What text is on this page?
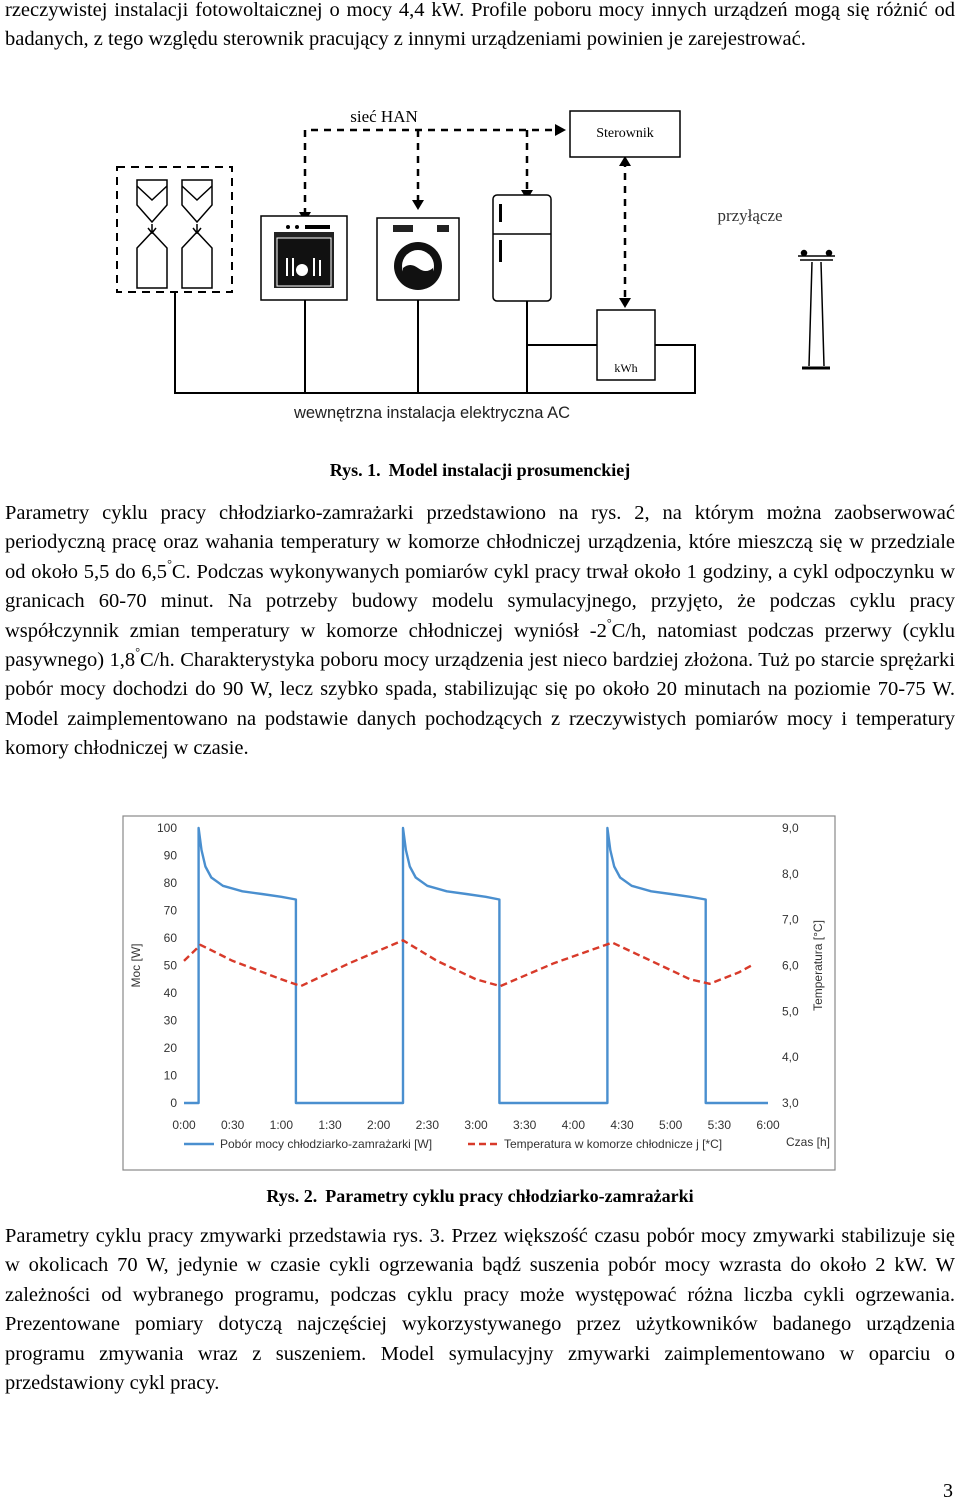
rzeczywistej instalacji fotowoltaicznej o mocy 4,4 kW. Profile poboru mocy innych urządzeń mogą się różnić od badanych, z tego względu sterownik pracujący z innymi urządzeniami powinien je zarejestrować.

Sterownik
sieć HAN
kWh
przyłącze
wewnętrzna instalacja elektryczna AC
Rys. 1. Model instalacji prosumenckiej

Parametry cyklu pracy chłodziarko-zamrażarki przedstawiono na rys. 2, na którym można zaobserwować periodyczną pracę oraz wahania temperatury w komorze chłodniczej urządzenia, które mieszczą się w przedziale od około 5,5 do 6,5°C. Podczas wykonywanych pomiarów cykl pracy trwał około 1 godziny, a cykl odpoczynku w granicach 60-70 minut. Na potrzeby budowy modelu symulacyjnego, przyjęto, że podczas cyklu pracy współczynnik zmian temperatury w komorze chłodniczej wyniósł -2°C/h, natomiast podczas przerwy (cyklu pasywnego) 1,8°C/h. Charakterystyka poboru mocy urządzenia jest nieco bardziej złożona. Tuż po starcie sprężarki pobór mocy dochodzi do 90 W, lecz szybko spada, stabilizując się po około 20 minutach na poziomie 70-75 W. Model zaimplementowano na podstawie danych pochodzących z rzeczywistych pomiarów mocy i temperatury komory chłodniczej w czasie.

0
10
20
30
40
50
60
70
80
90
100
3,0
4,0
5,0
6,0
7,0
8,0
9,0
0:00 0:30 1:00 1:30 2:00 2:30 3:00 3:30 4:00 4:30 5:00 5:30 6:00
Moc [W]	Temperatura [°C]
Czas [h]
Pobór mocy chłodziarko-zamrażarki [W]	Temperatura w komorze chłodnicze j [*C]
Rys. 2. Parametry cyklu pracy chłodziarko-zamrażarki

Parametry cyklu pracy zmywarki przedstawia rys. 3. Przez większość czasu pobór mocy zmywarki stabilizuje się w okolicach 70 W, jedynie w czasie cykli ogrzewania bądź suszenia pobór mocy wzrasta do około 2 kW. W zależności od wybranego programu, podczas cyklu pracy może występować różna liczba cykli ogrzewania. Prezentowane pomiary dotyczą najczęściej wykorzystywanego przez użytkowników badanego urządzenia programu zmywania wraz z suszeniem. Model symulacyjny zmywarki zaimplementowano w oparciu o przedstawiony cykl pracy.

3
